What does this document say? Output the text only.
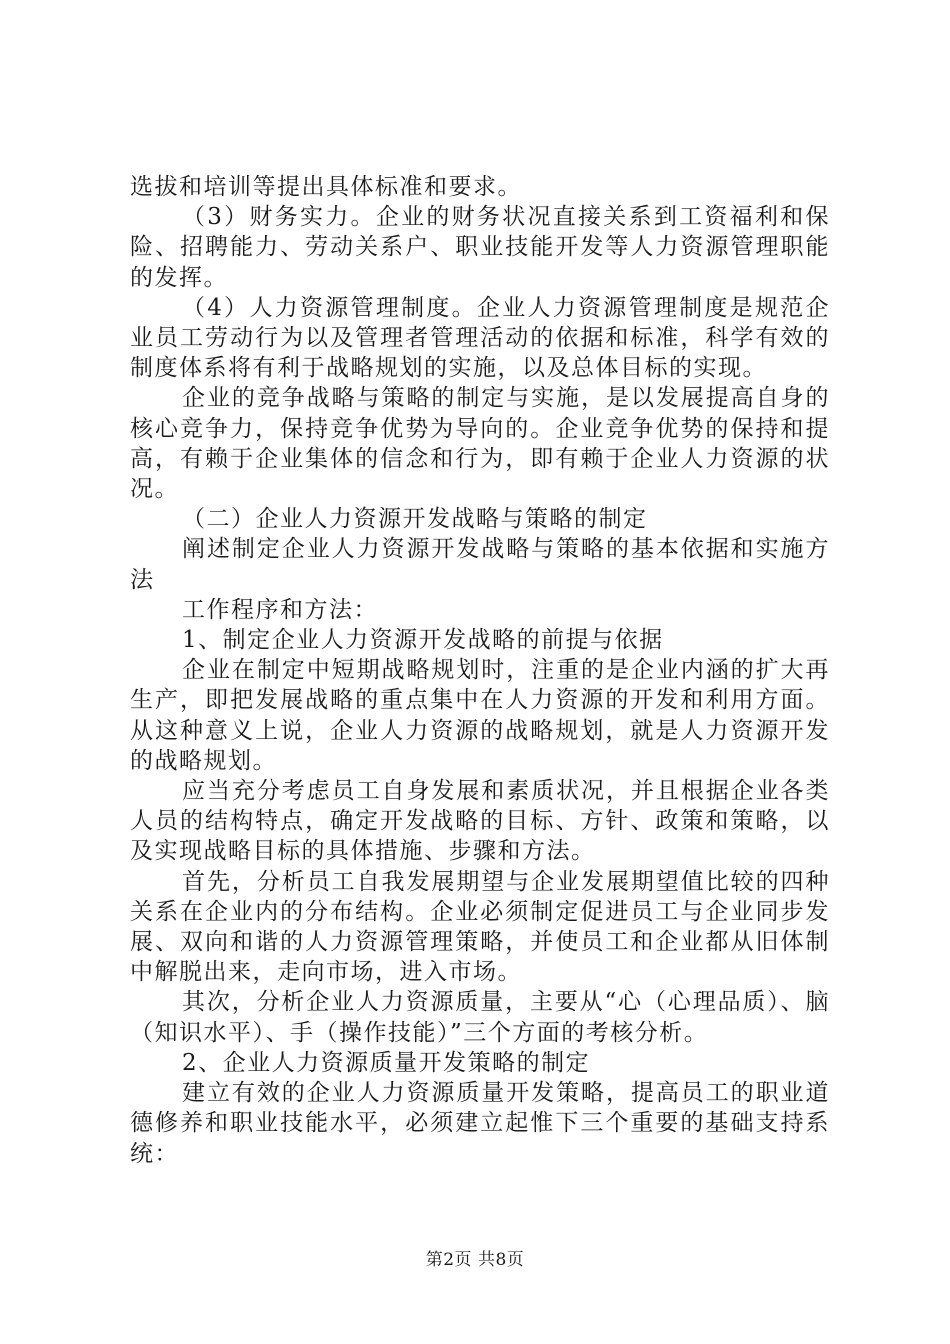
选拔和培训等提出具体标准和要求。

（3）财务实力。企业的财务状况直接关系到工资福利和保险、招聘能力、劳动关系户、职业技能开发等人力资源管理职能的发挥。

（4）人力资源管理制度。企业人力资源管理制度是规范企业员工劳动行为以及管理者管理活动的依据和标准，科学有效的制度体系将有利于战略规划的实施，以及总体目标的实现。

企业的竞争战略与策略的制定与实施，是以发展提高自身的核心竞争力，保持竞争优势为导向的。企业竞争优势的保持和提高，有赖于企业集体的信念和行为，即有赖于企业人力资源的状况。

（二）企业人力资源开发战略与策略的制定

阐述制定企业人力资源开发战略与策略的基本依据和实施方法

工作程序和方法：

1、制定企业人力资源开发战略的前提与依据

企业在制定中短期战略规划时，注重的是企业内涵的扩大再生产，即把发展战略的重点集中在人力资源的开发和利用方面。从这种意义上说，企业人力资源的战略规划，就是人力资源开发的战略规划。

应当充分考虑员工自身发展和素质状况，并且根据企业各类人员的结构特点，确定开发战略的目标、方针、政策和策略，以及实现战略目标的具体措施、步骤和方法。

首先，分析员工自我发展期望与企业发展期望值比较的四种关系在企业内的分布结构。企业必须制定促进员工与企业同步发展、双向和谐的人力资源管理策略，并使员工和企业都从旧体制中解脱出来，走向市场，进入市场。

其次，分析企业人力资源质量，主要从“心（心理品质）、脑（知识水平）、手（操作技能）”三个方面的考核分析。

2、企业人力资源质量开发策略的制定

建立有效的企业人力资源质量开发策略，提高员工的职业道德修养和职业技能水平，必须建立起惟下三个重要的基础支持系统：

第2页 共8页
